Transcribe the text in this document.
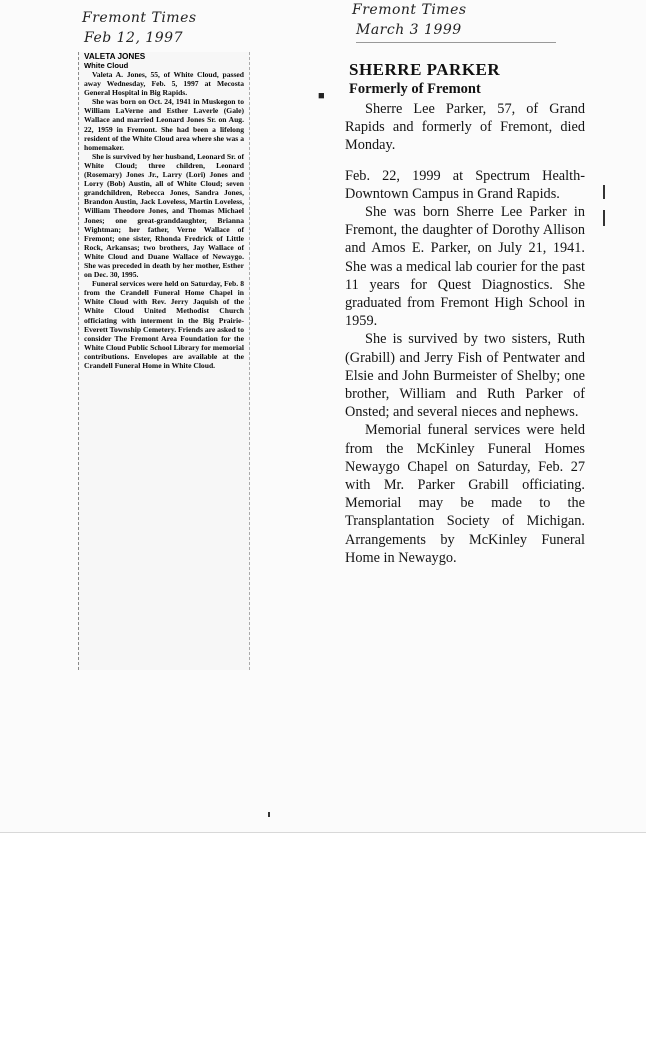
Fremont Times
Feb 12, 1997
Fremont Times
March 3 1999
VALETA JONES
White Cloud

Valeta A. Jones, 55, of White Cloud, passed away Wednesday, Feb. 5, 1997 at Mecosta General Hospital in Big Rapids.

She was born on Oct. 24, 1941 in Muskegon to William LaVerne and Esther Laverle (Gale) Wallace and married Leonard Jones Sr. on Aug. 22, 1959 in Fremont. She had been a lifelong resident of the White Cloud area where she was a homemaker.

She is survived by her husband, Leonard Sr. of White Cloud; three children, Leonard (Rosemary) Jones Jr., Larry (Lori) Jones and Lorry (Bob) Austin, all of White Cloud; seven grandchildren, Rebecca Jones, Sandra Jones, Brandon Austin, Jack Loveless, Martin Loveless, William Theodore Jones, and Thomas Michael Jones; one great-granddaughter, Brianna Wightman; her father, Verne Wallace of Fremont; one sister, Rhonda Fredrick of Little Rock, Arkansas; two brothers, Jay Wallace of White Cloud and Duane Wallace of Newaygo. She was preceded in death by her mother, Esther on Dec. 30, 1995.

Funeral services were held on Saturday, Feb. 8 from the Crandell Funeral Home Chapel in White Cloud with Rev. Jerry Jaquish of the White Cloud United Methodist Church officiating with interment in the Big Prairie-Everett Township Cemetery. Friends are asked to consider The Fremont Area Foundation for the White Cloud Public School Library for memorial contributions. Envelopes are available at the Crandell Funeral Home in White Cloud.

■
SHERRE PARKER
Formerly of Fremont

Sherre Lee Parker, 57, of Grand Rapids and formerly of Fremont, died Monday.

Feb. 22, 1999 at Spectrum Health-Downtown Campus in Grand Rapids.

She was born Sherre Lee Parker in Fremont, the daughter of Dorothy Allison and Amos E. Parker, on July 21, 1941. She was a medical lab courier for the past 11 years for Quest Diagnostics. She graduated from Fremont High School in 1959.

She is survived by two sisters, Ruth (Grabill) and Jerry Fish of Pentwater and Elsie and John Burmeister of Shelby; one brother, William and Ruth Parker of Onsted; and several nieces and nephews.

Memorial funeral services were held from the McKinley Funeral Homes Newaygo Chapel on Saturday, Feb. 27 with Mr. Parker Grabill officiating. Memorial may be made to the Transplantation Society of Michigan. Arrangements by McKinley Funeral Home in Newaygo.
